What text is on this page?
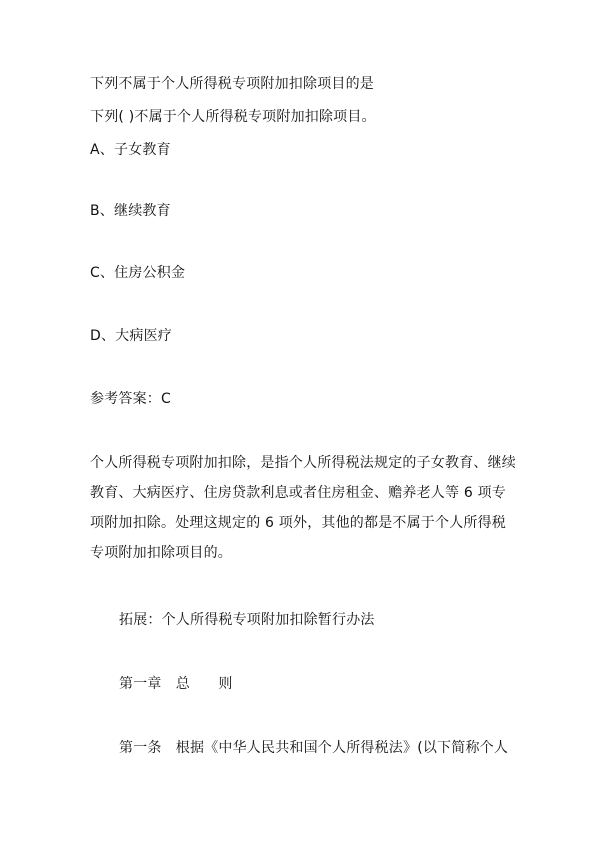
下列不属于个人所得税专项附加扣除项目的是
下列( )不属于个人所得税专项附加扣除项目。
A、子女教育
B、继续教育
C、住房公积金
D、大病医疗
参考答案：C
个人所得税专项附加扣除，是指个人所得税法规定的子女教育、继续教育、大病医疗、住房贷款利息或者住房租金、赡养老人等 6 项专项附加扣除。处理这规定的 6 项外，其他的都是不属于个人所得税专项附加扣除项目的。
拓展：个人所得税专项附加扣除暂行办法
第一章　总　　则
第一条　根据《中华人民共和国个人所得税法》(以下简称个人
